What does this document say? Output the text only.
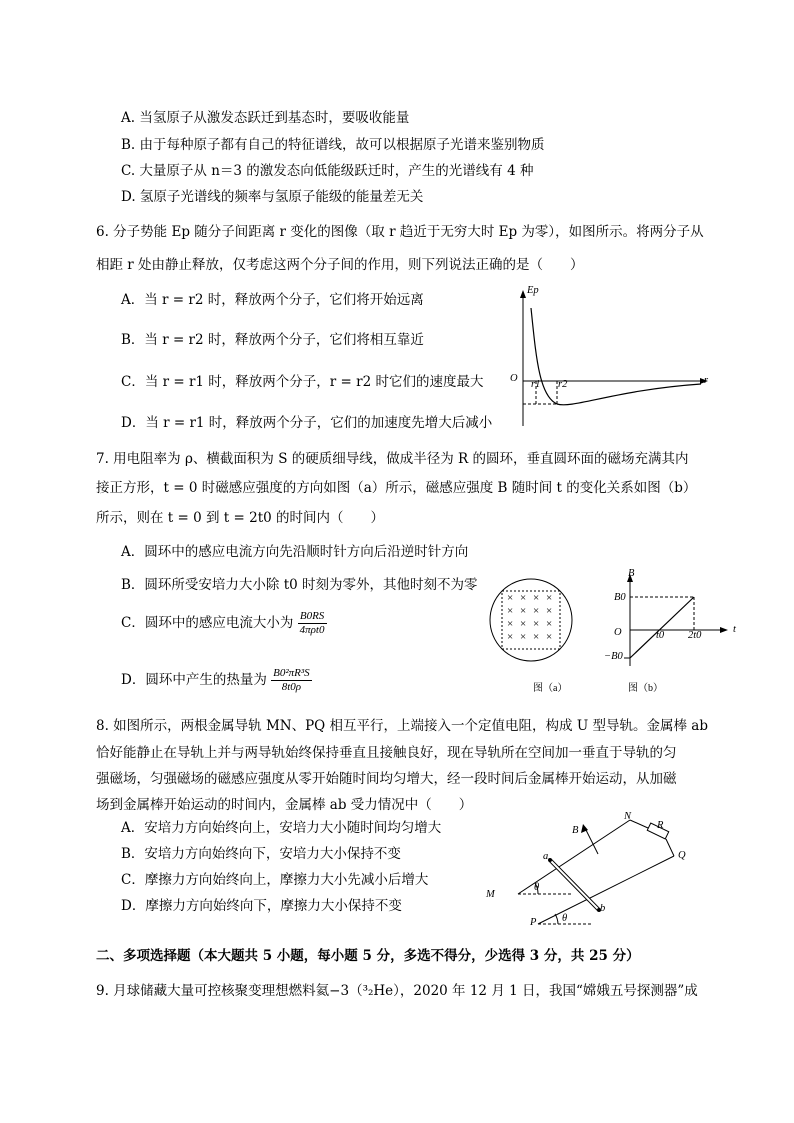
A. 当氢原子从激发态跃迁到基态时，要吸收能量
B. 由于每种原子都有自己的特征谱线，故可以根据原子光谱来鉴别物质
C. 大量原子从 n＝3 的激发态向低能级跃迁时，产生的光谱线有 4 种
D. 氢原子光谱线的频率与氢原子能级的能量差无关
6. 分子势能 Ep 随分子间距离 r 变化的图像（取 r 趋近于无穷大时 Ep 为零），如图所示。将两分子从
相距 r 处由静止释放，仅考虑这两个分子间的作用，则下列说法正确的是（　　）
A．当 r = r2 时，释放两个分子，它们将开始远离
B．当 r = r2 时，释放两个分子，它们将相互靠近
C．当 r = r1 时，释放两个分子，r = r2 时它们的速度最大
D．当 r = r1 时，释放两个分子，它们的加速度先增大后减小
Ep
O	r
r1 r2
7. 用电阻率为 ρ、横截面积为 S 的硬质细导线，做成半径为 R 的圆环，垂直圆环面的磁场充满其内
接正方形，t = 0 时磁感应强度的方向如图（a）所示，磁感应强度 B 随时间 t 的变化关系如图（b）
所示，则在 t = 0 到 t = 2t0 的时间内（　　）
A．圆环中的感应电流方向先沿顺时针方向后沿逆时针方向
B．圆环所受安培力大小除 t0 时刻为零外，其他时刻不为零
C．圆环中的感应电流大小为 $\frac{B0RS}{\text{4πρt0}}$
D．圆环中产生的热量为 $\frac{\text{B0²πR³S}}{8t0\rho}$
× × × ×
× × × ×
× × × ×
× × × ×
图（a）
B
B0
O	t0 2t0
t
−B0
图（b）
8. 如图所示，两根金属导轨 MN、PQ 相互平行，上端接入一个定值电阻，构成 U 型导轨。金属棒 ab
恰好能静止在导轨上并与两导轨始终保持垂直且接触良好，现在导轨所在空间加一垂直于导轨的匀
强磁场，匀强磁场的磁感应强度从零开始随时间均匀增大，经一段时间后金属棒开始运动，从加磁
场到金属棒开始运动的时间内，金属棒 ab 受力情况中（　　）
A．安培力方向始终向上，安培力大小随时间均匀增大
B．安培力方向始终向下，安培力大小保持不变
C．摩擦力方向始终向上，摩擦力大小先减小后增大
D．摩擦力方向始终向下，摩擦力大小保持不变
B
N
R
Q
M
P
a
b
θ
θ
二、多项选择题（本大题共 5 小题，每小题 5 分，多选不得分，少选得 3 分，共 25 分）
9. 月球储藏大量可控核聚变理想燃料氦−3（³₂He），2020 年 12 月 1 日，我国“嫦娥五号探测器”成
